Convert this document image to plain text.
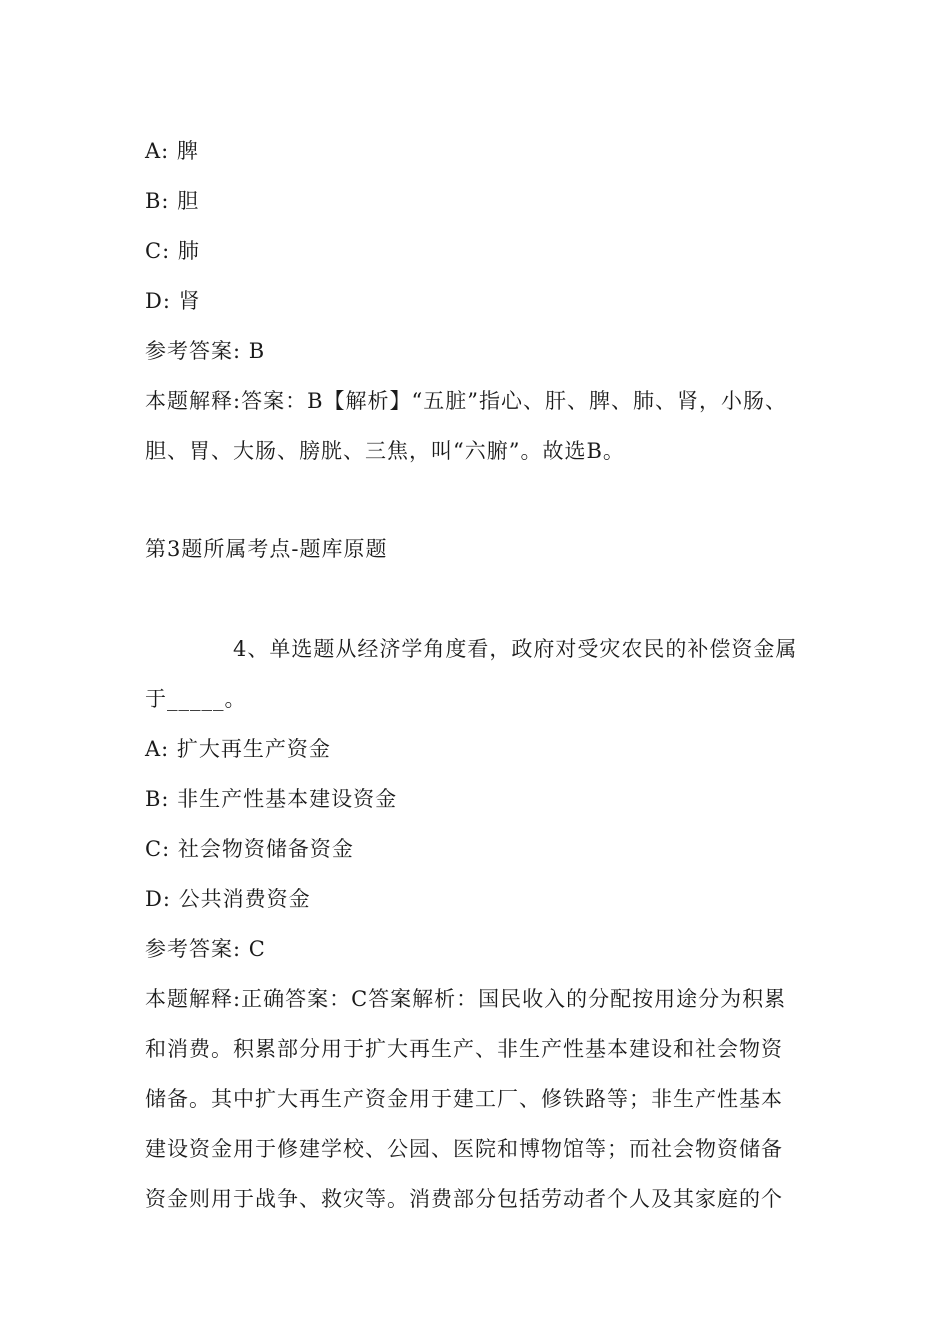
A: 脾
B: 胆
C: 肺
D: 肾
参考答案: B
本题解释:答案：B【解析】“五脏”指心、肝、脾、肺、肾，小肠、
胆、胃、大肠、膀胱、三焦，叫“六腑”。故选B。
第3题所属考点-题库原题
4、单选题从经济学角度看，政府对受灾农民的补偿资金属
于_____。
A: 扩大再生产资金
B: 非生产性基本建设资金
C: 社会物资储备资金
D: 公共消费资金
参考答案: C
本题解释:正确答案：C答案解析：国民收入的分配按用途分为积累
和消费。积累部分用于扩大再生产、非生产性基本建设和社会物资
储备。其中扩大再生产资金用于建工厂、修铁路等；非生产性基本
建设资金用于修建学校、公园、医院和博物馆等；而社会物资储备
资金则用于战争、救灾等。消费部分包括劳动者个人及其家庭的个
